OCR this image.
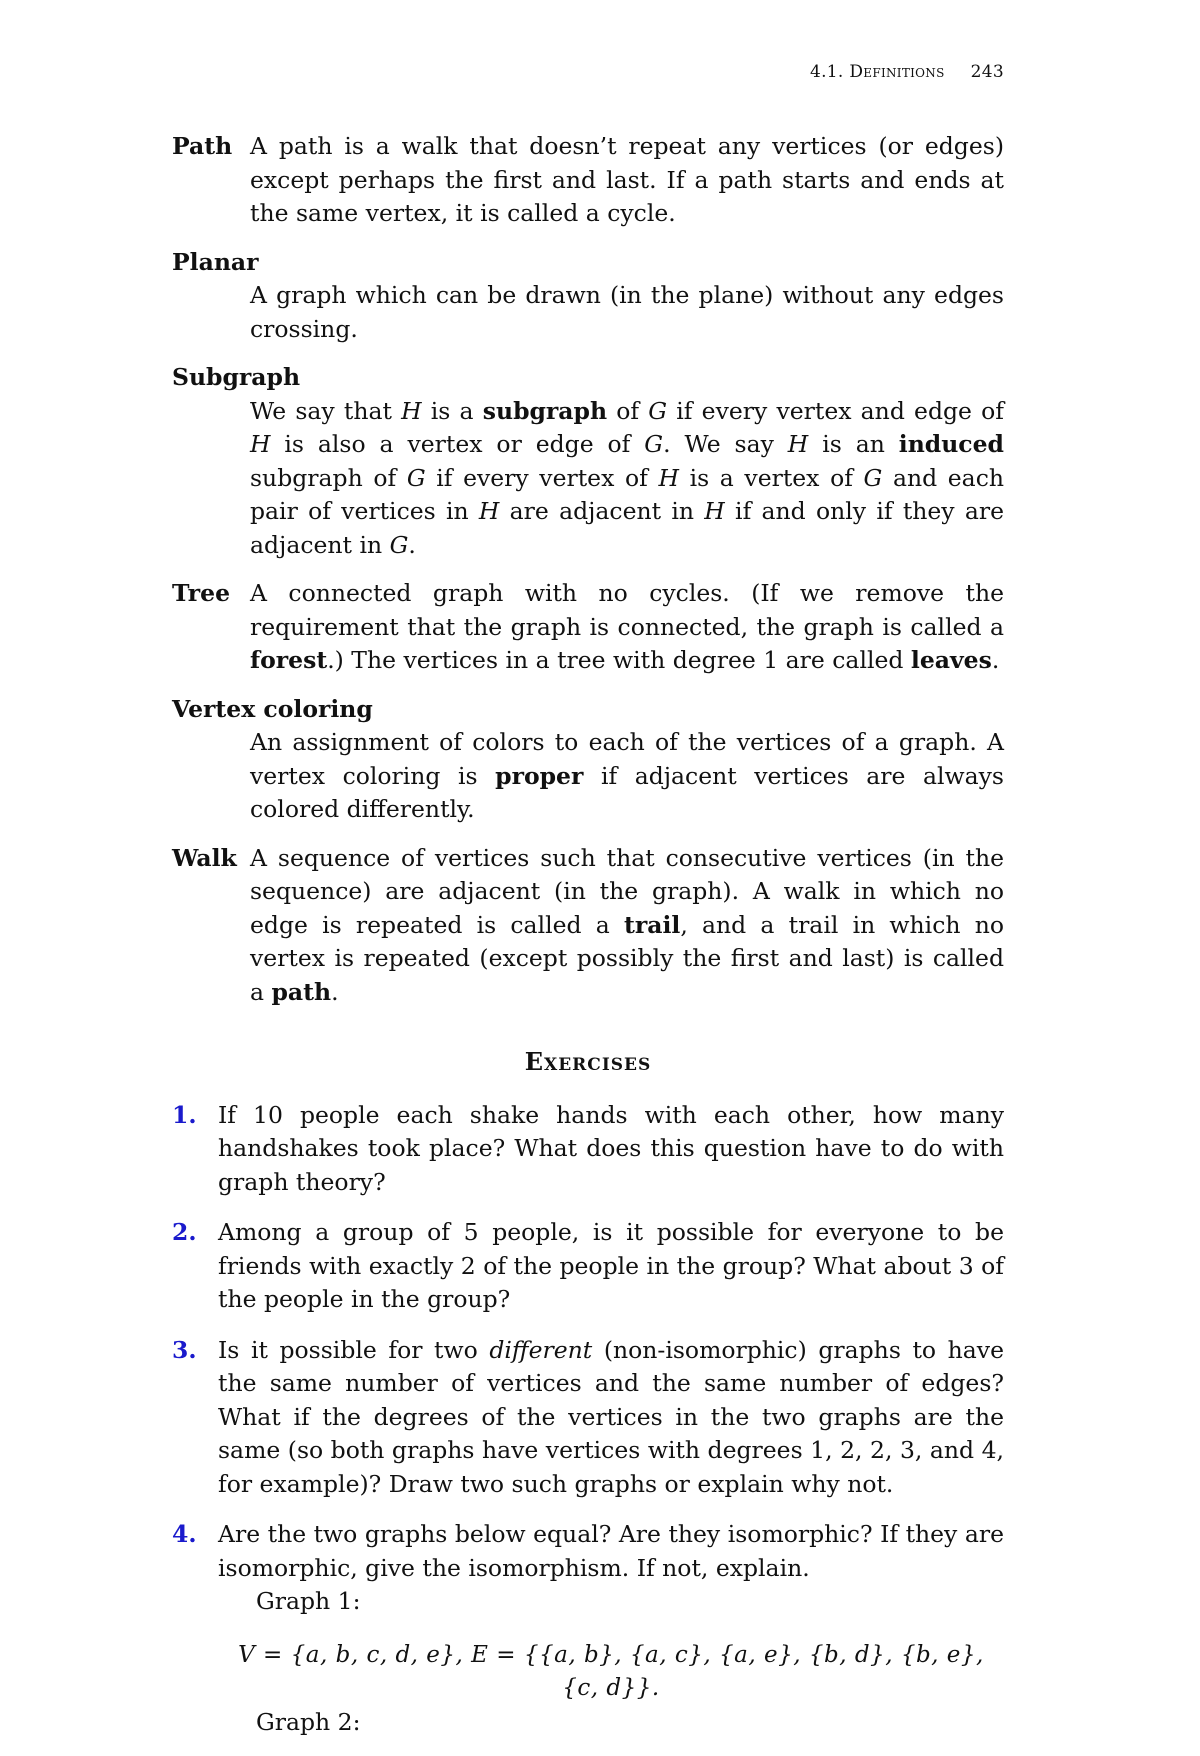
4.1. Definitions 243
Path A path is a walk that doesn’t repeat any vertices (or edges) except perhaps the first and last. If a path starts and ends at the same vertex, it is called a cycle.
Planar
A graph which can be drawn (in the plane) without any edges crossing.
Subgraph
We say that H is a subgraph of G if every vertex and edge of H is also a vertex or edge of G. We say H is an induced subgraph of G if every vertex of H is a vertex of G and each pair of vertices in H are adjacent in H if and only if they are adjacent in G.
Tree A connected graph with no cycles. (If we remove the requirement that the graph is connected, the graph is called a forest.) The vertices in a tree with degree 1 are called leaves.
Vertex coloring
An assignment of colors to each of the vertices of a graph. A vertex coloring is proper if adjacent vertices are always colored differently.
Walk A sequence of vertices such that consecutive vertices (in the sequence) are adjacent (in the graph). A walk in which no edge is repeated is called a trail, and a trail in which no vertex is repeated (except possibly the first and last) is called a path.
Exercises
1. If 10 people each shake hands with each other, how many handshakes took place? What does this question have to do with graph theory?
2. Among a group of 5 people, is it possible for everyone to be friends with exactly 2 of the people in the group? What about 3 of the people in the group?
3. Is it possible for two different (non-isomorphic) graphs to have the same number of vertices and the same number of edges? What if the degrees of the vertices in the two graphs are the same (so both graphs have vertices with degrees 1, 2, 2, 3, and 4, for example)? Draw two such graphs or explain why not.
4. Are the two graphs below equal? Are they isomorphic? If they are isomorphic, give the isomorphism. If not, explain.
Graph 1:
V = {a, b, c, d, e}, E = {{a, b}, {a, c}, {a, e}, {b, d}, {b, e}, {c, d}}.
Graph 2:
